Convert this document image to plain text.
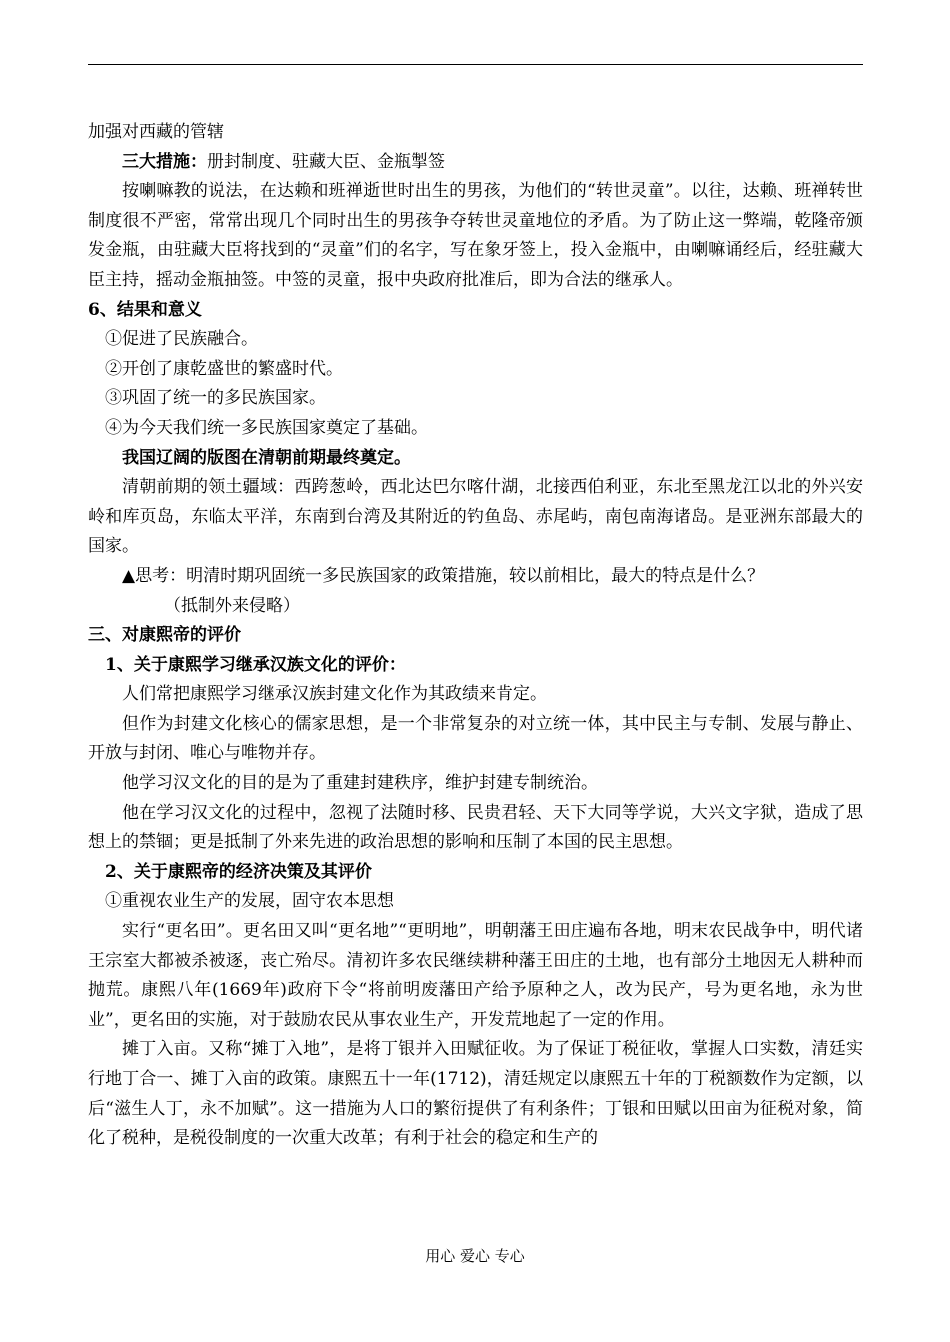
加强对西藏的管辖

三大措施：册封制度、驻藏大臣、金瓶掣签

按喇嘛教的说法，在达赖和班禅逝世时出生的男孩，为他们的“转世灵童”。以往，达赖、班禅转世制度很不严密，常常出现几个同时出生的男孩争夺转世灵童地位的矛盾。为了防止这一弊端，乾隆帝颁发金瓶，由驻藏大臣将找到的“灵童”们的名字，写在象牙签上，投入金瓶中，由喇嘛诵经后，经驻藏大臣主持，摇动金瓶抽签。中签的灵童，报中央政府批准后，即为合法的继承人。

6、结果和意义

①促进了民族融合。

②开创了康乾盛世的繁盛时代。

③巩固了统一的多民族国家。

④为今天我们统一多民族国家奠定了基础。

我国辽阔的版图在清朝前期最终奠定。

清朝前期的领土疆域：西跨葱岭，西北达巴尔喀什湖，北接西伯利亚，东北至黑龙江以北的外兴安岭和库页岛，东临太平洋，东南到台湾及其附近的钓鱼岛、赤尾屿，南包南海诸岛。是亚洲东部最大的国家。

▲思考：明清时期巩固统一多民族国家的政策措施，较以前相比，最大的特点是什么？

（抵制外来侵略）

三、对康熙帝的评价

1、关于康熙学习继承汉族文化的评价：

人们常把康熙学习继承汉族封建文化作为其政绩来肯定。

但作为封建文化核心的儒家思想，是一个非常复杂的对立统一体，其中民主与专制、发展与静止、开放与封闭、唯心与唯物并存。

他学习汉文化的目的是为了重建封建秩序，维护封建专制统治。

他在学习汉文化的过程中，忽视了法随时移、民贵君轻、天下大同等学说，大兴文字狱，造成了思想上的禁锢；更是抵制了外来先进的政治思想的影响和压制了本国的民主思想。

2、关于康熙帝的经济决策及其评价

①重视农业生产的发展，固守农本思想

实行“更名田”。更名田又叫“更名地”“更明地”，明朝藩王田庄遍布各地，明末农民战争中，明代诸王宗室大都被杀被逐，丧亡殆尽。清初许多农民继续耕种藩王田庄的土地，也有部分土地因无人耕种而抛荒。康熙八年(1669年)政府下令“将前明废藩田产给予原种之人，改为民产，号为更名地，永为世业”，更名田的实施，对于鼓励农民从事农业生产，开发荒地起了一定的作用。

摊丁入亩。又称“摊丁入地”，是将丁银并入田赋征收。为了保证丁税征收，掌握人口实数，清廷实行地丁合一、摊丁入亩的政策。康熙五十一年(1712)，清廷规定以康熙五十年的丁税额数作为定额，以后“滋生人丁，永不加赋”。这一措施为人口的繁衍提供了有利条件；丁银和田赋以田亩为征税对象，简化了税种，是税役制度的一次重大改革；有利于社会的稳定和生产的

用心 爱心 专心
